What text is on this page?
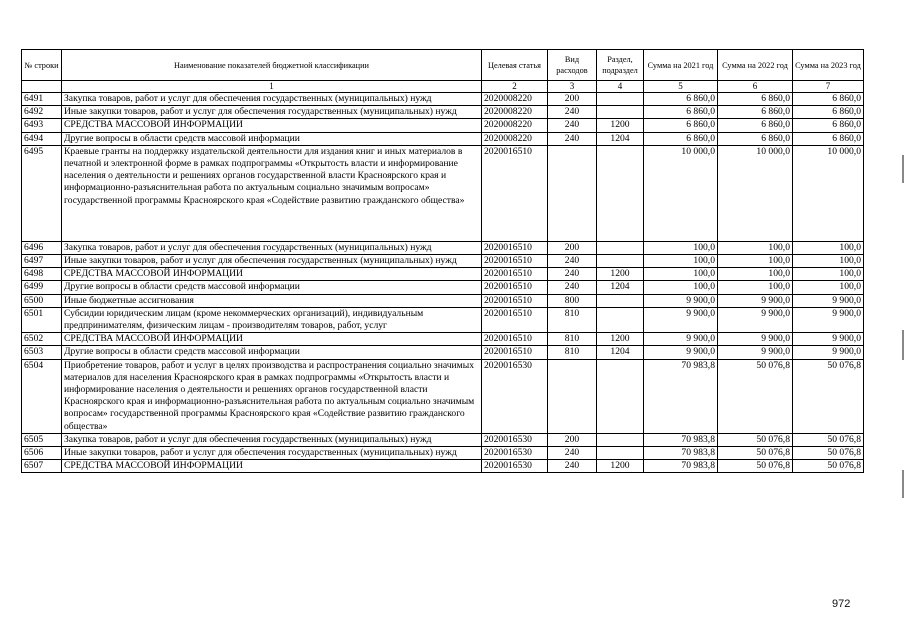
№ строки	Наименование показателей бюджетной классификации	Целевая статья	Вид расходов	Раздел, подраздел	Сумма на 2021 год	Сумма на 2022 год	Сумма на 2023 год
	1	2	3	4	5	6	7
6491	Закупка товаров, работ и услуг для обеспечения государственных (муниципальных) нужд	2020008220	200		6 860,0	6 860,0	6 860,0
6492	Иные закупки товаров, работ и услуг для обеспечения государственных (муниципальных) нужд	2020008220	240		6 860,0	6 860,0	6 860,0
6493	СРЕДСТВА МАССОВОЙ ИНФОРМАЦИИ	2020008220	240	1200	6 860,0	6 860,0	6 860,0
6494	Другие вопросы в области средств массовой информации	2020008220	240	1204	6 860,0	6 860,0	6 860,0
6495	Краевые гранты на поддержку издательской деятельности для издания книг и иных материалов в печатной и электронной форме в рамках подпрограммы «Открытость власти и информирование населения о деятельности и решениях органов государственной власти Красноярского края и информационно-разъяснительная работа по актуальным социально значимым вопросам» государственной программы Красноярского края «Содействие развитию гражданского общества»	2020016510			10 000,0	10 000,0	10 000,0
6496	Закупка товаров, работ и услуг для обеспечения государственных (муниципальных) нужд	2020016510	200		100,0	100,0	100,0
6497	Иные закупки товаров, работ и услуг для обеспечения государственных (муниципальных) нужд	2020016510	240		100,0	100,0	100,0
6498	СРЕДСТВА МАССОВОЙ ИНФОРМАЦИИ	2020016510	240	1200	100,0	100,0	100,0
6499	Другие вопросы в области средств массовой информации	2020016510	240	1204	100,0	100,0	100,0
6500	Иные бюджетные ассигнования	2020016510	800		9 900,0	9 900,0	9 900,0
6501	Субсидии юридическим лицам (кроме некоммерческих организаций), индивидуальным предпринимателям, физическим лицам - производителям товаров, работ, услуг	2020016510	810		9 900,0	9 900,0	9 900,0
6502	СРЕДСТВА МАССОВОЙ ИНФОРМАЦИИ	2020016510	810	1200	9 900,0	9 900,0	9 900,0
6503	Другие вопросы в области средств массовой информации	2020016510	810	1204	9 900,0	9 900,0	9 900,0
6504	Приобретение товаров, работ и услуг в целях производства и распространения социально значимых материалов для населения Красноярского края в рамках подпрограммы «Открытость власти и информирование населения о деятельности и решениях органов государственной власти Красноярского края и информационно-разъяснительная работа по актуальным социально значимым вопросам» государственной программы Красноярского края «Содействие развитию гражданского общества»	2020016530			70 983,8	50 076,8	50 076,8
6505	Закупка товаров, работ и услуг для обеспечения государственных (муниципальных) нужд	2020016530	200		70 983,8	50 076,8	50 076,8
6506	Иные закупки товаров, работ и услуг для обеспечения государственных (муниципальных) нужд	2020016530	240		70 983,8	50 076,8	50 076,8
6507	СРЕДСТВА МАССОВОЙ ИНФОРМАЦИИ	2020016530	240	1200	70 983,8	50 076,8	50 076,8
972
